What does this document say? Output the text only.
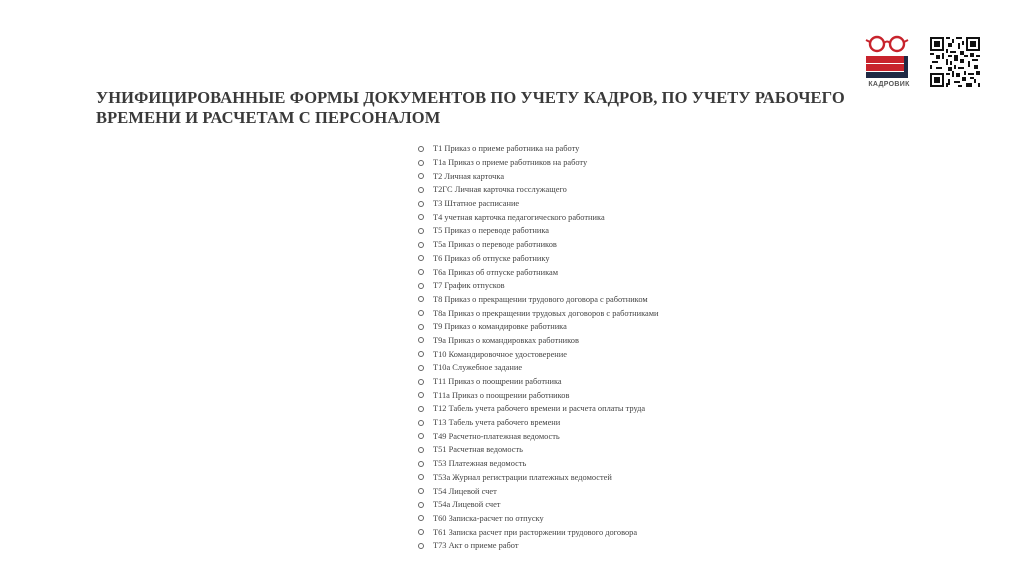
КАДРОВИК
УНИФИЦИРОВАННЫЕ ФОРМЫ ДОКУМЕНТОВ ПО УЧЕТУ КАДРОВ, ПО УЧЕТУ РАБОЧЕГО ВРЕМЕНИ И РАСЧЕТАМ С ПЕРСОНАЛОМ
Т1 Приказ о приеме работника на работу
Т1а Приказ о приеме работников на работу
Т2 Личная карточка
Т2ГС Личная карточка госслужащего
Т3 Штатное расписание
Т4 учетная карточка педагогического работника
Т5 Приказ о переводе работника
Т5а Приказ о переводе работников
Т6 Приказ об отпуске работнику
Т6а Приказ об отпуске работникам
Т7 График отпусков
Т8 Приказ о прекращении трудового договора с работником
Т8а Приказ о прекращении трудовых договоров с работниками
Т9 Приказ о командировке работника
Т9а Приказ о командировках работников
Т10 Командировочное удостоверение
Т10а Служебное задание
Т11 Приказ о поощрении работника
Т11а Приказ о поощрении работников
Т12 Табель учета рабочего времени и расчета оплаты труда
Т13 Табель учета рабочего времени
Т49 Расчетно-платежная ведомость
Т51 Расчетная ведомость
Т53 Платежная ведомость
Т53а Журнал регистрации платежных ведомостей
Т54 Лицевой счет
Т54а Лицевой счет
Т60 Записка-расчет по отпуску
Т61 Записка расчет при расторжении трудового договора
Т73 Акт о приеме работ
